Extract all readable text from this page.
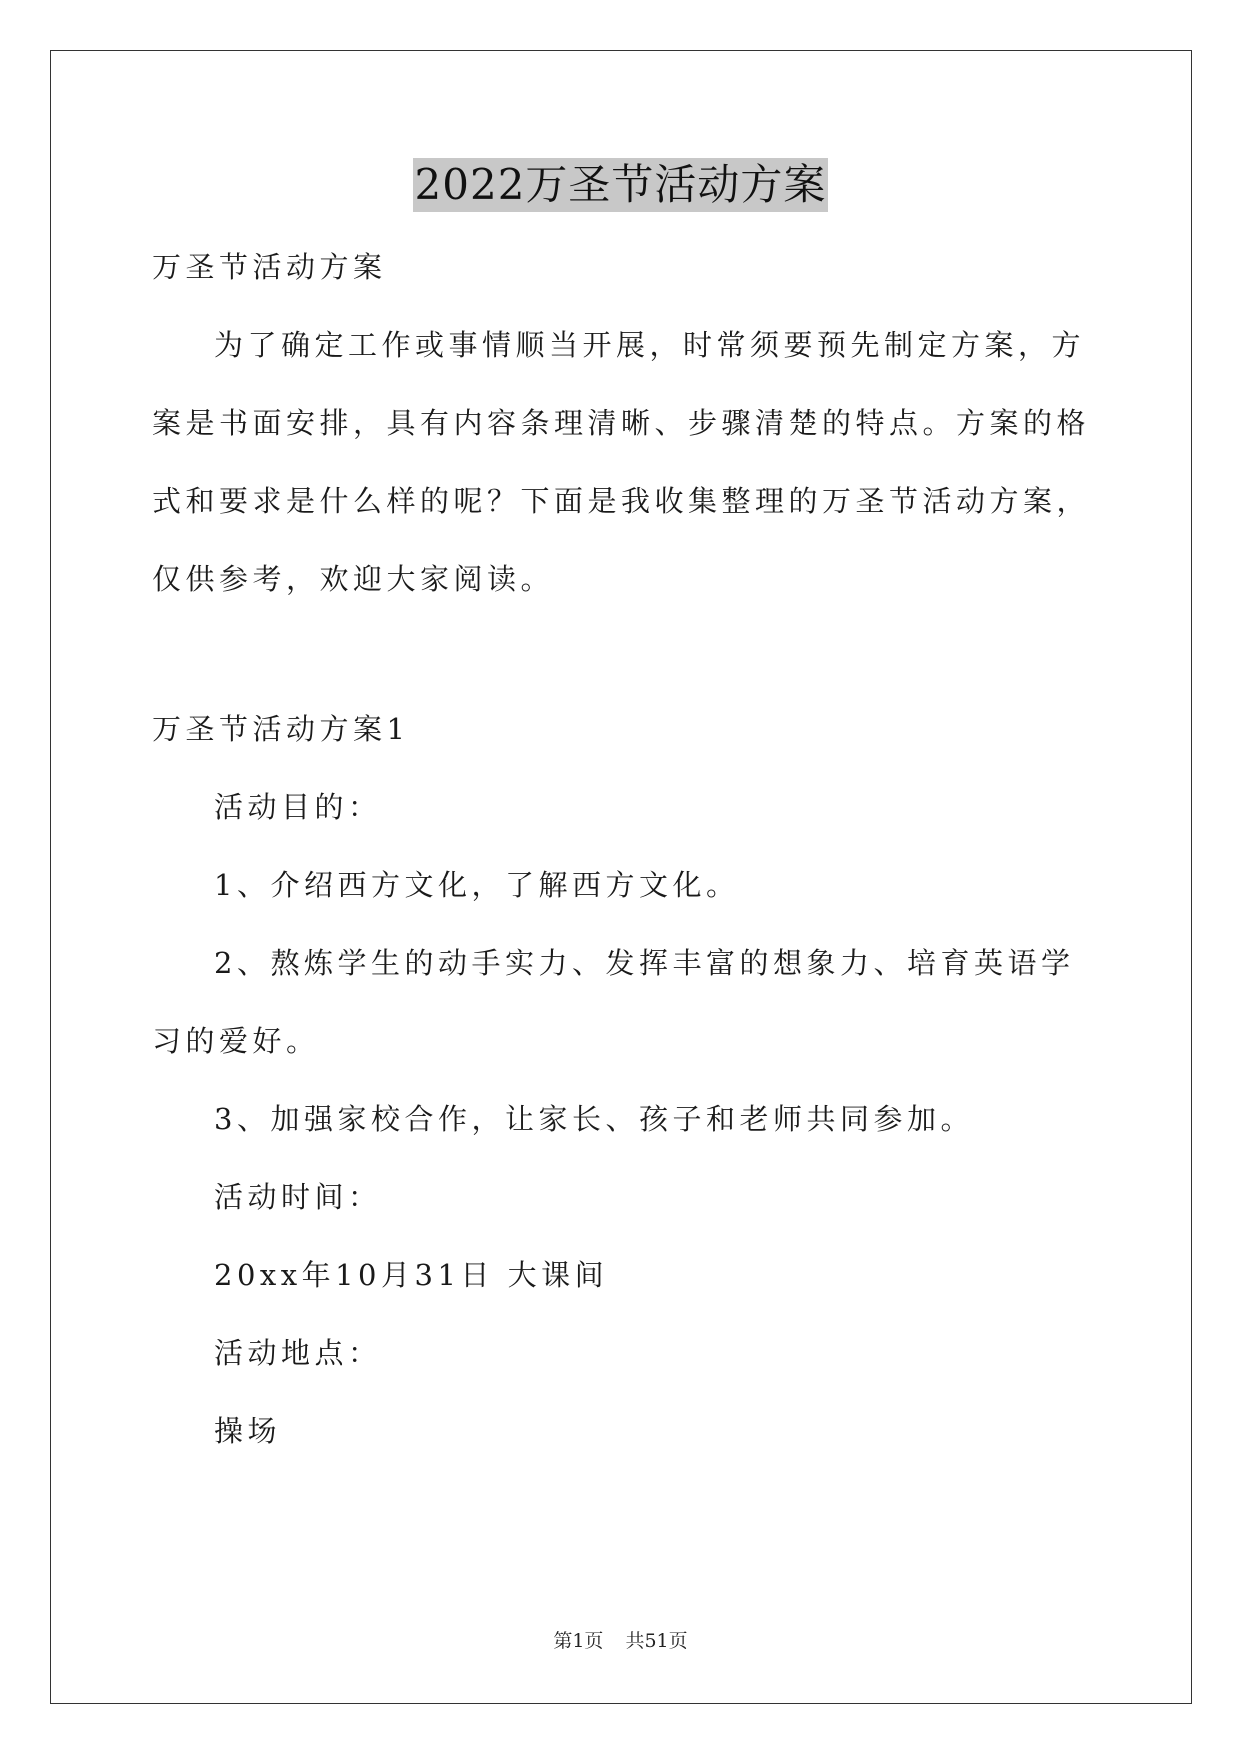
2022万圣节活动方案

万圣节活动方案

为了确定工作或事情顺当开展，时常须要预先制定方案，方案是书面安排，具有内容条理清晰、步骤清楚的特点。方案的格式和要求是什么样的呢？下面是我收集整理的万圣节活动方案，仅供参考，欢迎大家阅读。

万圣节活动方案1

活动目的：

1、介绍西方文化，了解西方文化。

2、熬炼学生的动手实力、发挥丰富的想象力、培育英语学习的爱好。

3、加强家校合作，让家长、孩子和老师共同参加。

活动时间：

20xx年10月31日 大课间

活动地点：

操场

第1页 共51页
